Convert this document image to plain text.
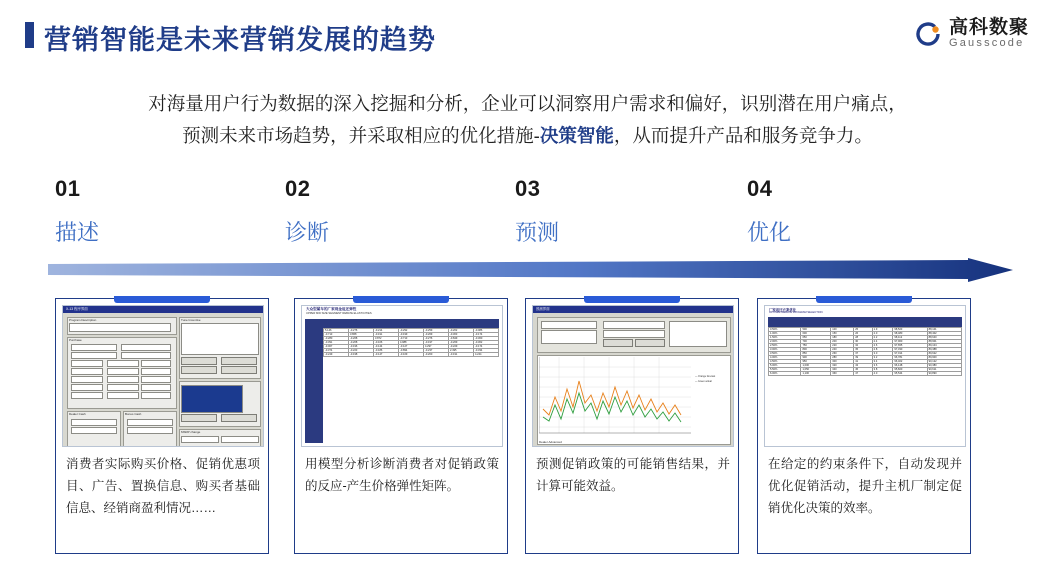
营销智能是未来营销发展的趋势	高科数聚
Gausscode
对海量用户行为数据的深入挖掘和分析，企业可以洞察用户需求和偏好，识别潜在用户痛点，
预测未来市场趋势，并采取相应的优化措施-决策智能，从而提升产品和服务竞争力。
01
描述
02
诊断
03
预测
04
优化
X-13 程序界面
Program Description	Tune Incentive
Purchase
Dealer Cash	Bonus Cash
MSRP change
消费者实际购买价格、促销优惠项目、广告、置换信息、购买者基础信息、经销商盈利情况……
大众型紧车的广家现金返还弹性
UPPER MID SIZE SEGMENT REBATE ELASTICITIES
5.146	-0.276	-0.214	-0.292	-0.259	-0.202	-0.086
-0.713	3.868	-0.191	-0.199	-0.269	-0.303	-0.174
-0.280	-0.268	3.872	-0.713	-0.276	-0.849	-0.360
-0.391	-0.208	-0.166	4.988	-0.197	-0.269	-0.362
-0.067	-0.196	-0.144	-0.127	4.297	-0.229	-0.174
-0.374	-0.223	-0.186	-0.894	-0.237	2.495	-0.334
-0.249	-0.198	-0.147	-0.169	-0.200	-0.191	4.244
用模型分析诊断消费者对促销政策的反应-产生价格弹性矩阵。
预测界面
— Orange forecast
— Green actual
Dealer Advanced
预测促销政策的可能销售结果，并计算可能效益。
厂家返还方案优化
OPTIMAL REBATE PROGRAM SELECTION
0.50%	500	100	25	1.9	98,523	88,101
1.00%	600	150	26	2.0	98,480	88,402
1.50%	650	180	28	2.2	98,112	88,640
2.00%	700	200	30	2.4	97,960	88,901
2.50%	750	220	32	2.6	97,655	89,104
3.00%	800	240	35	2.8	97,330	89,388
3.50%	850	260	37	3.0	97,014	89,622
4.00%	900	280	39	3.2	96,781	89,900
4.50%	950	300	41	3.4	96,402	90,122
5.00%	1,000	320	43	3.6	96,148	90,380
5.50%	1,050	340	45	3.8	95,820	90,611
6.00%	1,100	360	47	4.0	95,544	90,890
在给定的约束条件下，自动发现并优化促销活动，提升主机厂制定促销优化决策的效率。
